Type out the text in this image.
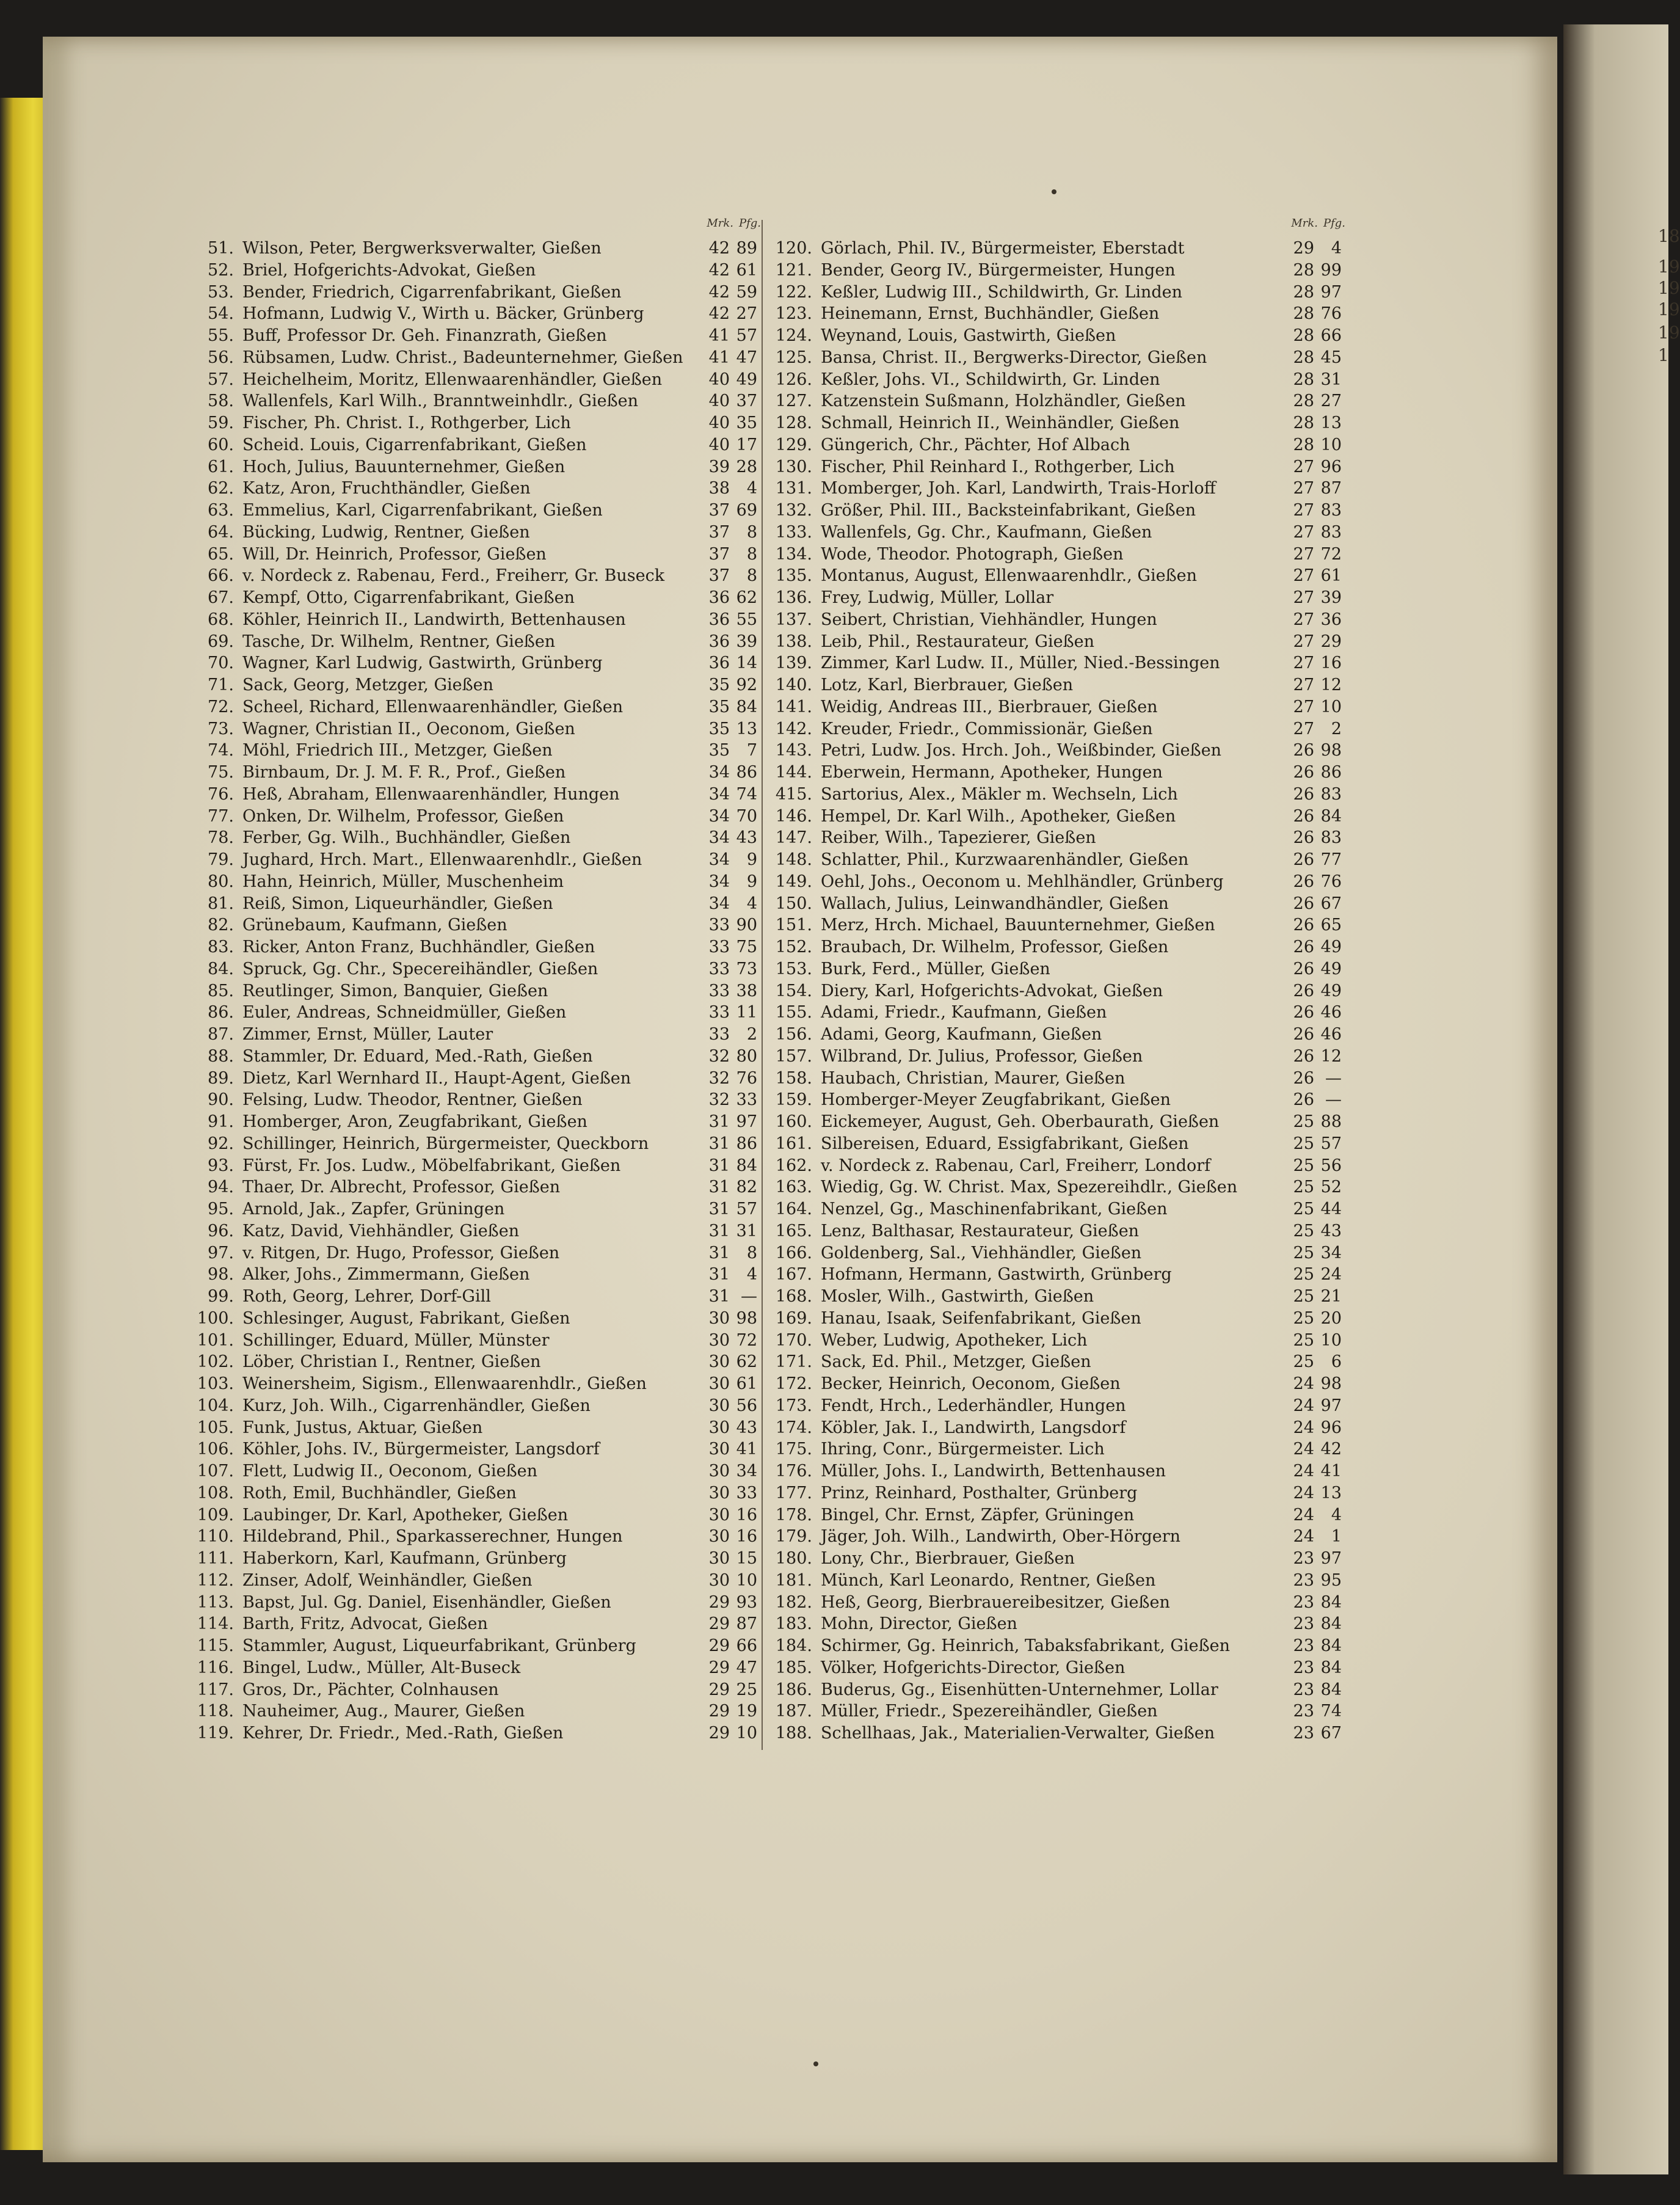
18
19
19
19
19
1
Mrk. Pfg.
51. Wilson, Peter, Bergwerksverwalter, Gießen	42 89
52. Briel, Hofgerichts-Advokat, Gießen	42 61
53. Bender, Friedrich, Cigarrenfabrikant, Gießen	42 59
54. Hofmann, Ludwig V., Wirth u. Bäcker, Grünberg	42 27
55. Buff, Professor Dr. Geh. Finanzrath, Gießen	41 57
56. Rübsamen, Ludw. Christ., Badeunternehmer, Gießen	41 47
57. Heichelheim, Moritz, Ellenwaarenhändler, Gießen	40 49
58. Wallenfels, Karl Wilh., Branntweinhdlr., Gießen	40 37
59. Fischer, Ph. Christ. I., Rothgerber, Lich	40 35
60. Scheid. Louis, Cigarrenfabrikant, Gießen	40 17
61. Hoch, Julius, Bauunternehmer, Gießen	39 28
62. Katz, Aron, Fruchthändler, Gießen	38	4
63. Emmelius, Karl, Cigarrenfabrikant, Gießen	37 69
64. Bücking, Ludwig, Rentner, Gießen	37	8
65. Will, Dr. Heinrich, Professor, Gießen	37	8
66. v. Nordeck z. Rabenau, Ferd., Freiherr, Gr. Buseck	37	8
67. Kempf, Otto, Cigarrenfabrikant, Gießen	36 62
68. Köhler, Heinrich II., Landwirth, Bettenhausen	36 55
69. Tasche, Dr. Wilhelm, Rentner, Gießen	36 39
70. Wagner, Karl Ludwig, Gastwirth, Grünberg	36 14
71. Sack, Georg, Metzger, Gießen	35 92
72. Scheel, Richard, Ellenwaarenhändler, Gießen	35 84
73. Wagner, Christian II., Oeconom, Gießen	35 13
74. Möhl, Friedrich III., Metzger, Gießen	35	7
75. Birnbaum, Dr. J. M. F. R., Prof., Gießen	34 86
76. Heß, Abraham, Ellenwaarenhändler, Hungen	34 74
77. Onken, Dr. Wilhelm, Professor, Gießen	34 70
78. Ferber, Gg. Wilh., Buchhändler, Gießen	34 43
79. Jughard, Hrch. Mart., Ellenwaarenhdlr., Gießen	34	9
80. Hahn, Heinrich, Müller, Muschenheim	34	9
81. Reiß, Simon, Liqueurhändler, Gießen	34	4
82. Grünebaum, Kaufmann, Gießen	33 90
83. Ricker, Anton Franz, Buchhändler, Gießen	33 75
84. Spruck, Gg. Chr., Specereihändler, Gießen	33 73
85. Reutlinger, Simon, Banquier, Gießen	33 38
86. Euler, Andreas, Schneidmüller, Gießen	33 11
87. Zimmer, Ernst, Müller, Lauter	33	2
88. Stammler, Dr. Eduard, Med.-Rath, Gießen	32 80
89. Dietz, Karl Wernhard II., Haupt-Agent, Gießen	32 76
90. Felsing, Ludw. Theodor, Rentner, Gießen	32 33
91. Homberger, Aron, Zeugfabrikant, Gießen	31 97
92. Schillinger, Heinrich, Bürgermeister, Queckborn	31 86
93. Fürst, Fr. Jos. Ludw., Möbelfabrikant, Gießen	31 84
94. Thaer, Dr. Albrecht, Professor, Gießen	31 82
95. Arnold, Jak., Zapfer, Grüningen	31 57
96. Katz, David, Viehhändler, Gießen	31 31
97. v. Ritgen, Dr. Hugo, Professor, Gießen	31	8
98. Alker, Johs., Zimmermann, Gießen	31	4
99. Roth, Georg, Lehrer, Dorf-Gill	31 —
100. Schlesinger, August, Fabrikant, Gießen	30 98
101. Schillinger, Eduard, Müller, Münster	30 72
102. Löber, Christian I., Rentner, Gießen	30 62
103. Weinersheim, Sigism., Ellenwaarenhdlr., Gießen	30 61
104. Kurz, Joh. Wilh., Cigarrenhändler, Gießen	30 56
105. Funk, Justus, Aktuar, Gießen	30 43
106. Köhler, Johs. IV., Bürgermeister, Langsdorf	30 41
107. Flett, Ludwig II., Oeconom, Gießen	30 34
108. Roth, Emil, Buchhändler, Gießen	30 33
109. Laubinger, Dr. Karl, Apotheker, Gießen	30 16
110. Hildebrand, Phil., Sparkasserechner, Hungen	30 16
111. Haberkorn, Karl, Kaufmann, Grünberg	30 15
112. Zinser, Adolf, Weinhändler, Gießen	30 10
113. Bapst, Jul. Gg. Daniel, Eisenhändler, Gießen	29 93
114. Barth, Fritz, Advocat, Gießen	29 87
115. Stammler, August, Liqueurfabrikant, Grünberg	29 66
116. Bingel, Ludw., Müller, Alt-Buseck	29 47
117. Gros, Dr., Pächter, Colnhausen	29 25
118. Nauheimer, Aug., Maurer, Gießen	29 19
119. Kehrer, Dr. Friedr., Med.-Rath, Gießen	29 10
Mrk. Pfg.
120. Görlach, Phil. IV., Bürgermeister, Eberstadt	29	4
121. Bender, Georg IV., Bürgermeister, Hungen	28 99
122. Keßler, Ludwig III., Schildwirth, Gr. Linden	28 97
123. Heinemann, Ernst, Buchhändler, Gießen	28 76
124. Weynand, Louis, Gastwirth, Gießen	28 66
125. Bansa, Christ. II., Bergwerks-Director, Gießen	28 45
126. Keßler, Johs. VI., Schildwirth, Gr. Linden	28 31
127. Katzenstein Sußmann, Holzhändler, Gießen	28 27
128. Schmall, Heinrich II., Weinhändler, Gießen	28 13
129. Güngerich, Chr., Pächter, Hof Albach	28 10
130. Fischer, Phil Reinhard I., Rothgerber, Lich	27 96
131. Momberger, Joh. Karl, Landwirth, Trais-Horloff	27 87
132. Größer, Phil. III., Backsteinfabrikant, Gießen	27 83
133. Wallenfels, Gg. Chr., Kaufmann, Gießen	27 83
134. Wode, Theodor. Photograph, Gießen	27 72
135. Montanus, August, Ellenwaarenhdlr., Gießen	27 61
136. Frey, Ludwig, Müller, Lollar	27 39
137. Seibert, Christian, Viehhändler, Hungen	27 36
138. Leib, Phil., Restaurateur, Gießen	27 29
139. Zimmer, Karl Ludw. II., Müller, Nied.-Bessingen	27 16
140. Lotz, Karl, Bierbrauer, Gießen	27 12
141. Weidig, Andreas III., Bierbrauer, Gießen	27 10
142. Kreuder, Friedr., Commissionär, Gießen	27	2
143. Petri, Ludw. Jos. Hrch. Joh., Weißbinder, Gießen	26 98
144. Eberwein, Hermann, Apotheker, Hungen	26 86
415. Sartorius, Alex., Mäkler m. Wechseln, Lich	26 83
146. Hempel, Dr. Karl Wilh., Apotheker, Gießen	26 84
147. Reiber, Wilh., Tapezierer, Gießen	26 83
148. Schlatter, Phil., Kurzwaarenhändler, Gießen	26 77
149. Oehl, Johs., Oeconom u. Mehlhändler, Grünberg	26 76
150. Wallach, Julius, Leinwandhändler, Gießen	26 67
151. Merz, Hrch. Michael, Bauunternehmer, Gießen	26 65
152. Braubach, Dr. Wilhelm, Professor, Gießen	26 49
153. Burk, Ferd., Müller, Gießen	26 49
154. Diery, Karl, Hofgerichts-Advokat, Gießen	26 49
155. Adami, Friedr., Kaufmann, Gießen	26 46
156. Adami, Georg, Kaufmann, Gießen	26 46
157. Wilbrand, Dr. Julius, Professor, Gießen	26 12
158. Haubach, Christian, Maurer, Gießen	26 —
159. Homberger-Meyer Zeugfabrikant, Gießen	26 —
160. Eickemeyer, August, Geh. Oberbaurath, Gießen	25 88
161. Silbereisen, Eduard, Essigfabrikant, Gießen	25 57
162. v. Nordeck z. Rabenau, Carl, Freiherr, Londorf	25 56
163. Wiedig, Gg. W. Christ. Max, Spezereihdlr., Gießen	25 52
164. Nenzel, Gg., Maschinenfabrikant, Gießen	25 44
165. Lenz, Balthasar, Restaurateur, Gießen	25 43
166. Goldenberg, Sal., Viehhändler, Gießen	25 34
167. Hofmann, Hermann, Gastwirth, Grünberg	25 24
168. Mosler, Wilh., Gastwirth, Gießen	25 21
169. Hanau, Isaak, Seifenfabrikant, Gießen	25 20
170. Weber, Ludwig, Apotheker, Lich	25 10
171. Sack, Ed. Phil., Metzger, Gießen	25	6
172. Becker, Heinrich, Oeconom, Gießen	24 98
173. Fendt, Hrch., Lederhändler, Hungen	24 97
174. Köbler, Jak. I., Landwirth, Langsdorf	24 96
175. Ihring, Conr., Bürgermeister. Lich	24 42
176. Müller, Johs. I., Landwirth, Bettenhausen	24 41
177. Prinz, Reinhard, Posthalter, Grünberg	24 13
178. Bingel, Chr. Ernst, Zäpfer, Grüningen	24	4
179. Jäger, Joh. Wilh., Landwirth, Ober-Hörgern	24	1
180. Lony, Chr., Bierbrauer, Gießen	23 97
181. Münch, Karl Leonardo, Rentner, Gießen	23 95
182. Heß, Georg, Bierbrauereibesitzer, Gießen	23 84
183. Mohn, Director, Gießen	23 84
184. Schirmer, Gg. Heinrich, Tabaksfabrikant, Gießen	23 84
185. Völker, Hofgerichts-Director, Gießen	23 84
186. Buderus, Gg., Eisenhütten-Unternehmer, Lollar	23 84
187. Müller, Friedr., Spezereihändler, Gießen	23 74
188. Schellhaas, Jak., Materialien-Verwalter, Gießen	23 67
